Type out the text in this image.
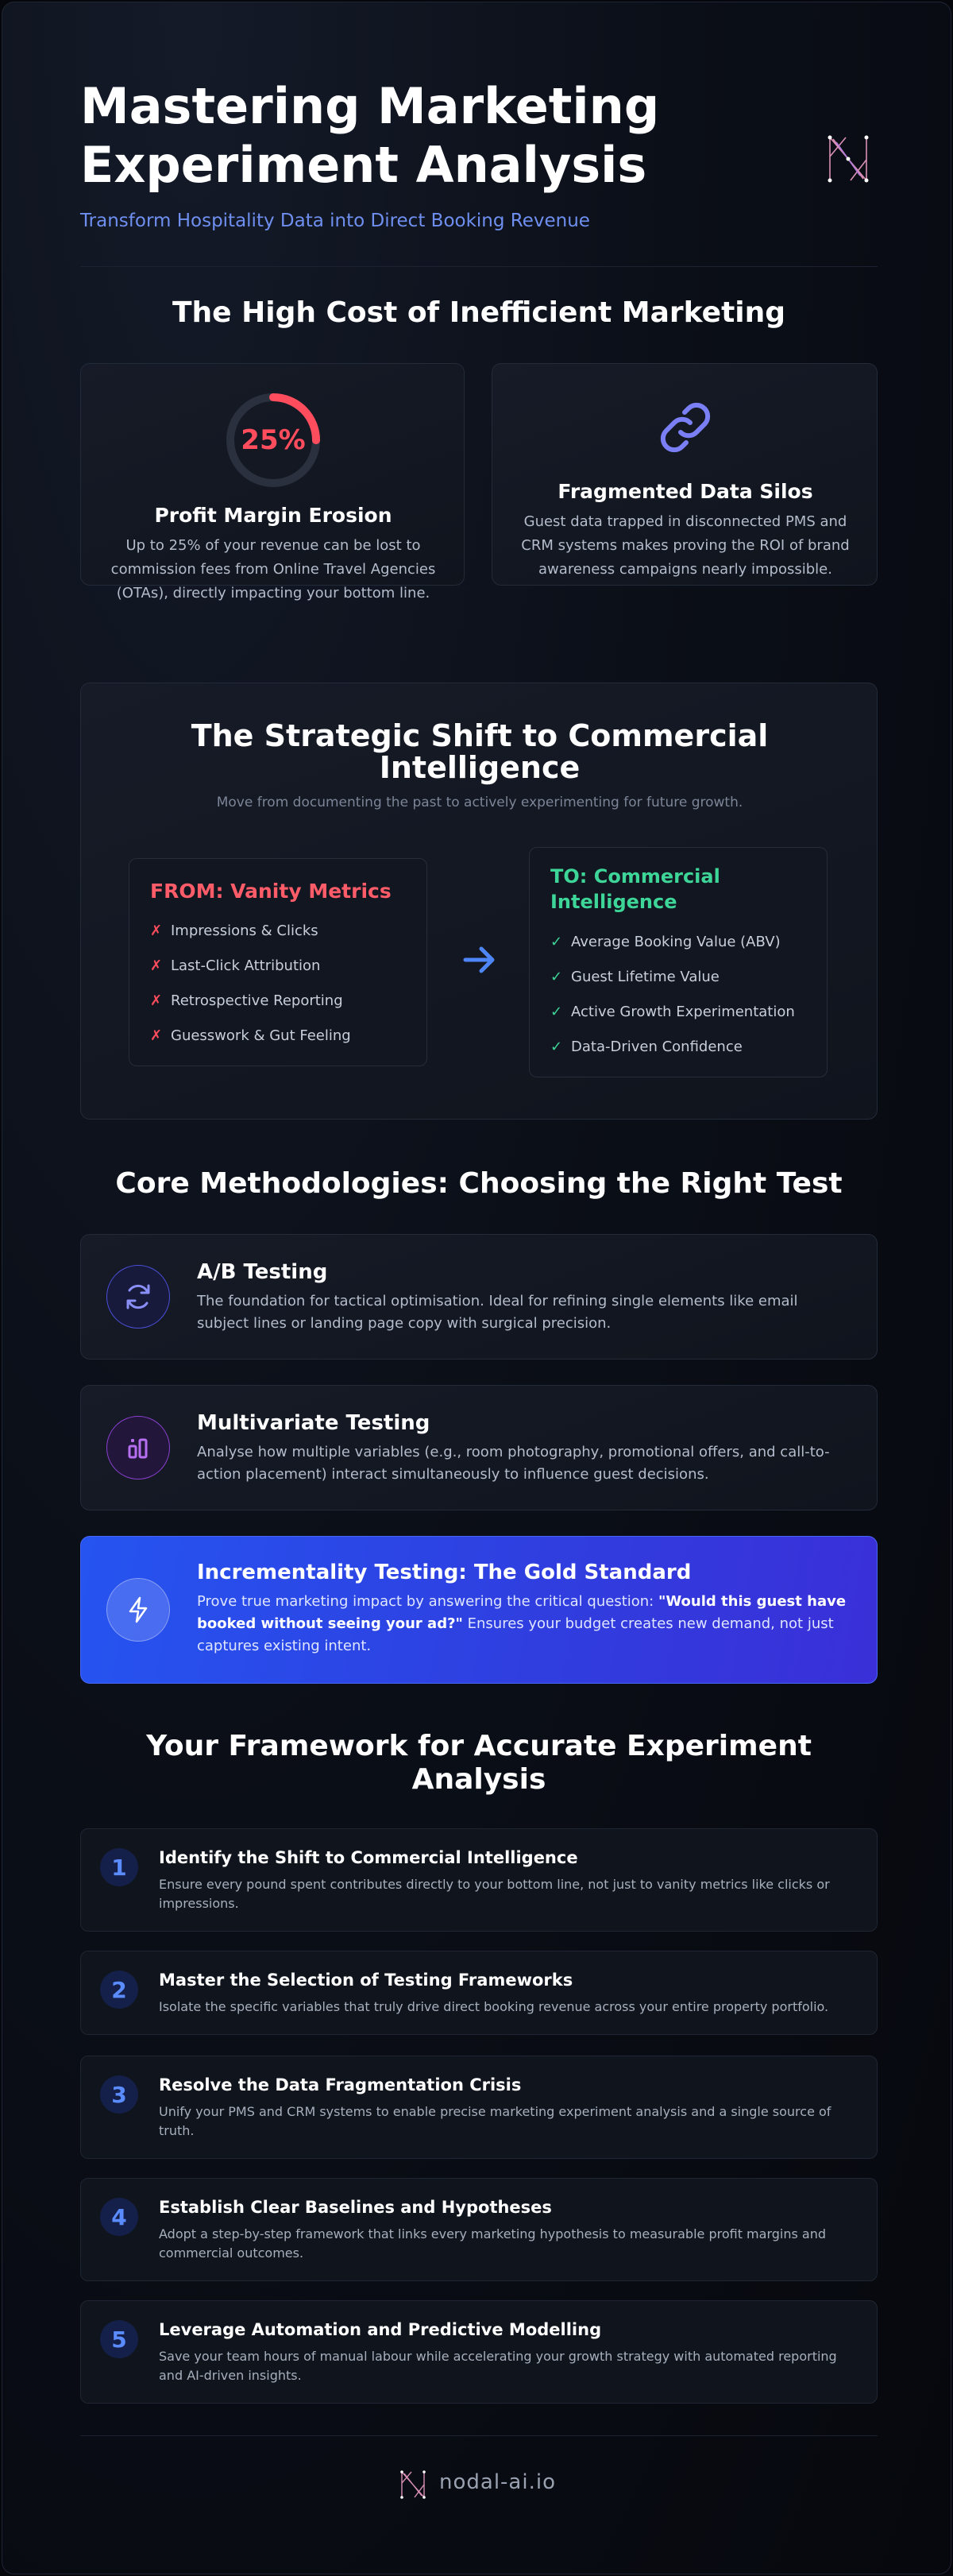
Mastering Marketing Experiment Analysis
Transform Hospitality Data into Direct Booking Revenue
The High Cost of Inefficient Marketing
25%
Profit Margin Erosion
Up to 25% of your revenue can be lost to commission fees from Online Travel Agencies (OTAs), directly impacting your bottom line.
Fragmented Data Silos
Guest data trapped in disconnected PMS and CRM systems makes proving the ROI of brand awareness campaigns nearly impossible.
The Strategic Shift to Commercial Intelligence
Move from documenting the past to actively experimenting for future growth.
FROM: Vanity Metrics
✗ Impressions & Clicks
✗ Last-Click Attribution
✗ Retrospective Reporting
✗ Guesswork & Gut Feeling
TO: Commercial Intelligence
✓ Average Booking Value (ABV)
✓ Guest Lifetime Value
✓ Active Growth Experimentation
✓ Data-Driven Confidence
Core Methodologies: Choosing the Right Test
A/B Testing
The foundation for tactical optimisation. Ideal for refining single elements like email subject lines or landing page copy with surgical precision.
Multivariate Testing
Analyse how multiple variables (e.g., room photography, promotional offers, and call-to-action placement) interact simultaneously to influence guest decisions.
Incrementality Testing: The Gold Standard
Prove true marketing impact by answering the critical question: "Would this guest have booked without seeing your ad?" Ensures your budget creates new demand, not just captures existing intent.
Your Framework for Accurate Experiment Analysis
1	Identify the Shift to Commercial Intelligence
Ensure every pound spent contributes directly to your bottom line, not just to vanity metrics like clicks or impressions.
2	Master the Selection of Testing Frameworks
Isolate the specific variables that truly drive direct booking revenue across your entire property portfolio.
3	Resolve the Data Fragmentation Crisis
Unify your PMS and CRM systems to enable precise marketing experiment analysis and a single source of truth.
4	Establish Clear Baselines and Hypotheses
Adopt a step-by-step framework that links every marketing hypothesis to measurable profit margins and commercial outcomes.
5	Leverage Automation and Predictive Modelling
Save your team hours of manual labour while accelerating your growth strategy with automated reporting and AI-driven insights.
nodal-ai.io
